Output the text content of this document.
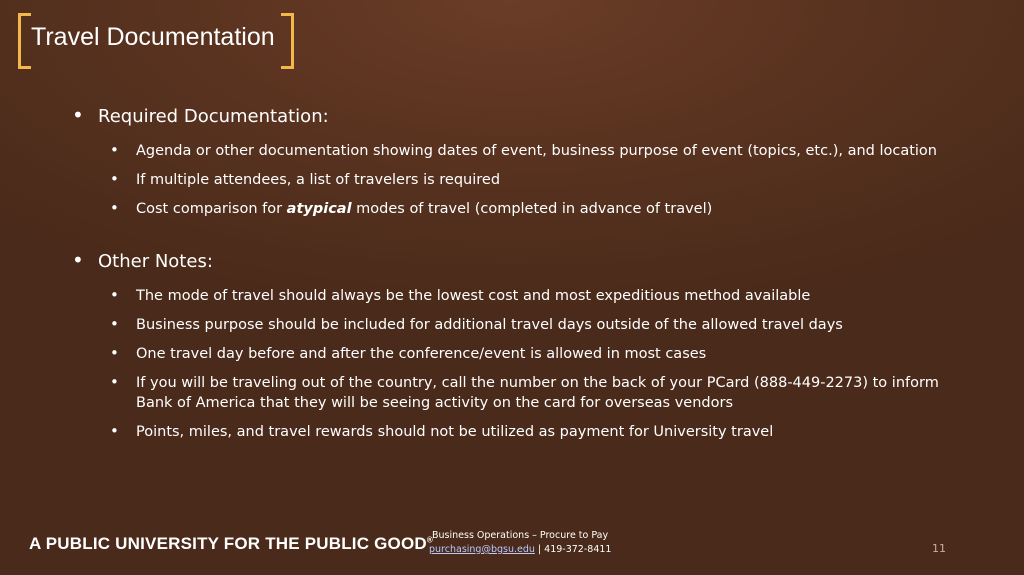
Travel Documentation
• Required Documentation:
• Agenda or other documentation showing dates of event, business purpose of event (topics, etc.), and location
• If multiple attendees, a list of travelers is required
• Cost comparison for atypical modes of travel (completed in advance of travel)
• Other Notes:
• The mode of travel should always be the lowest cost and most expeditious method available
• Business purpose should be included for additional travel days outside of the allowed travel days
• One travel day before and after the conference/event is allowed in most cases
• If you will be traveling out of the country, call the number on the back of your PCard (888-449-2273) to inform Bank of America that they will be seeing activity on the card for overseas vendors
• Points, miles, and travel rewards should not be utilized as payment for University travel
A PUBLIC UNIVERSITY FOR THE PUBLIC GOOD® Business Operations – Procure to Pay
purchasing@bgsu.edu | 419-372-8411	11
